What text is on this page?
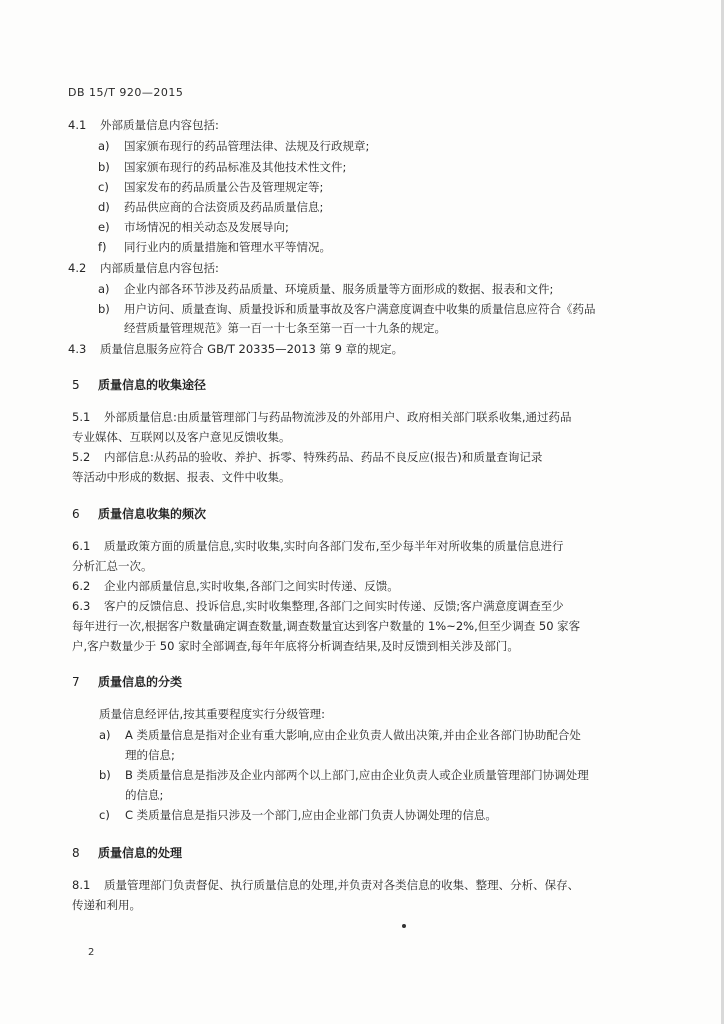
DB 15/T 920—2015
4.1 外部质量信息内容包括:
a) 国家颁布现行的药品管理法律、法规及行政规章;
b) 国家颁布现行的药品标准及其他技术性文件;
c) 国家发布的药品质量公告及管理规定等;
d) 药品供应商的合法资质及药品质量信息;
e) 市场情况的相关动态及发展导向;
f) 同行业内的质量措施和管理水平等情况。
4.2 内部质量信息内容包括:
a) 企业内部各环节涉及药品质量、环境质量、服务质量等方面形成的数据、报表和文件;
b) 用户访问、质量查询、质量投诉和质量事故及客户满意度调查中收集的质量信息应符合《药品
经营质量管理规范》第一百一十七条至第一百一十九条的规定。
4.3 质量信息服务应符合 GB/T 20335—2013 第 9 章的规定。
5 质量信息的收集途径
5.1 外部质量信息:由质量管理部门与药品物流涉及的外部用户、政府相关部门联系收集,通过药品
专业媒体、互联网以及客户意见反馈收集。
5.2 内部信息:从药品的验收、养护、拆零、特殊药品、药品不良反应(报告)和质量查询记录
等活动中形成的数据、报表、文件中收集。
6 质量信息收集的频次
6.1 质量政策方面的质量信息,实时收集,实时向各部门发布,至少每半年对所收集的质量信息进行
分析汇总一次。
6.2 企业内部质量信息,实时收集,各部门之间实时传递、反馈。
6.3 客户的反馈信息、投诉信息,实时收集整理,各部门之间实时传递、反馈;客户满意度调查至少
每年进行一次,根据客户数量确定调查数量,调查数量宜达到客户数量的 1%~2%,但至少调查 50 家客
户,客户数量少于 50 家时全部调查,每年年底将分析调查结果,及时反馈到相关涉及部门。
7 质量信息的分类
质量信息经评估,按其重要程度实行分级管理:
a) A 类质量信息是指对企业有重大影响,应由企业负责人做出决策,并由企业各部门协助配合处
理的信息;
b) B 类质量信息是指涉及企业内部两个以上部门,应由企业负责人或企业质量管理部门协调处理
的信息;
c) C 类质量信息是指只涉及一个部门,应由企业部门负责人协调处理的信息。
8 质量信息的处理
8.1 质量管理部门负责督促、执行质量信息的处理,并负责对各类信息的收集、整理、分析、保存、
传递和利用。
2
